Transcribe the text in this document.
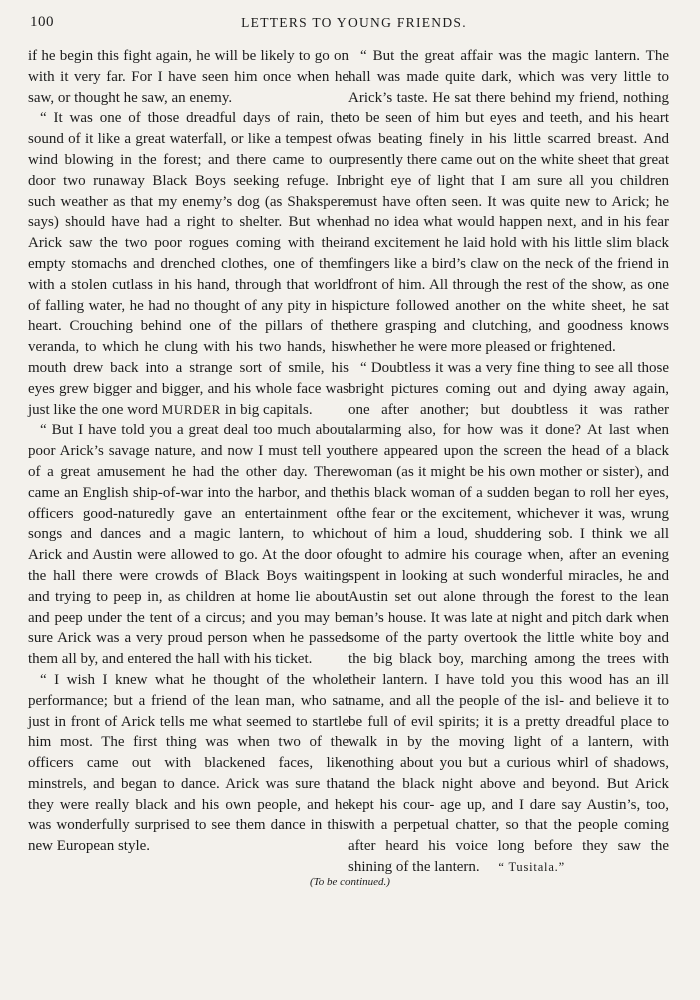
100	LETTERS TO YOUNG FRIENDS.

if he begin this fight again, he will be likely to go on with it very far. For I have seen him once when he saw, or thought he saw, an enemy.

“ It was one of those dreadful days of rain, the sound of it like a great waterfall, or like a tempest of wind blowing in the forest; and there came to our door two runaway Black Boys seeking refuge. In such weather as that my enemy’s dog (as Shakspere says) should have had a right to shelter. But when Arick saw the two poor rogues coming with their empty stomachs and drenched clothes, one of them with a stolen cutlass in his hand, through that world of falling water, he had no thought of any pity in his heart. Crouching behind one of the pillars of the veranda, to which he clung with his two hands, his mouth drew back into a strange sort of smile, his eyes grew bigger and bigger, and his whole face was just like the one word MURDER in big capitals.

“ But I have told you a great deal too much about poor Arick’s savage nature, and now I must tell you of a great amusement he had the other day. There came an English ship-of-war into the harbor, and the officers good-naturedly gave an entertainment of songs and dances and a magic lantern, to which Arick and Austin were allowed to go. At the door of the hall there were crowds of Black Boys waiting and trying to peep in, as children at home lie about and peep under the tent of a circus; and you may be sure Arick was a very proud person when he passed them all by, and entered the hall with his ticket.

“ I wish I knew what he thought of the whole performance; but a friend of the lean man, who sat just in front of Arick tells me what seemed to startle him most. The first thing was when two of the officers came out with blackened faces, like minstrels, and began to dance. Arick was sure that they were really black and his own people, and he was wonderfully surprised to see them dance in this new European style.

“ But the great affair was the magic lantern. The hall was made quite dark, which was very little to Arick’s taste. He sat there behind my friend, nothing to be seen of him but eyes and teeth, and his heart was beating finely in his little scarred breast. And presently there came out on the white sheet that great bright eye of light that I am sure all you children must have often seen. It was quite new to Arick; he had no idea what would happen next, and in his fear and excitement he laid hold with his little slim black fingers like a bird’s claw on the neck of the friend in front of him. All through the rest of the show, as one picture followed another on the white sheet, he sat there grasping and clutching, and goodness knows whether he were more pleased or frightened.

“ Doubtless it was a very fine thing to see all those bright pictures coming out and dying away again, one after another; but doubtless it was rather alarming also, for how was it done? At last when there appeared upon the screen the head of a black woman (as it might be his own mother or sister), and this black woman of a sudden began to roll her eyes, the fear or the excitement, whichever it was, wrung out of him a loud, shuddering sob. I think we all ought to admire his courage when, after an evening spent in looking at such wonderful miracles, he and Austin set out alone through the forest to the lean man’s house. It was late at night and pitch dark when some of the party overtook the little white boy and the big black boy, marching among the trees with their lantern. I have told you this wood has an ill name, and all the people of the isl- and believe it to be full of evil spirits; it is a pretty dreadful place to walk in by the moving light of a lantern, with nothing about you but a curious whirl of shadows, and the black night above and beyond. But Arick kept his cour- age up, and I dare say Austin’s, too, with a perpetual chatter, so that the people coming after heard his voice long before they saw the shining of the lantern. “ Tusitala.”

(To be continued.)
